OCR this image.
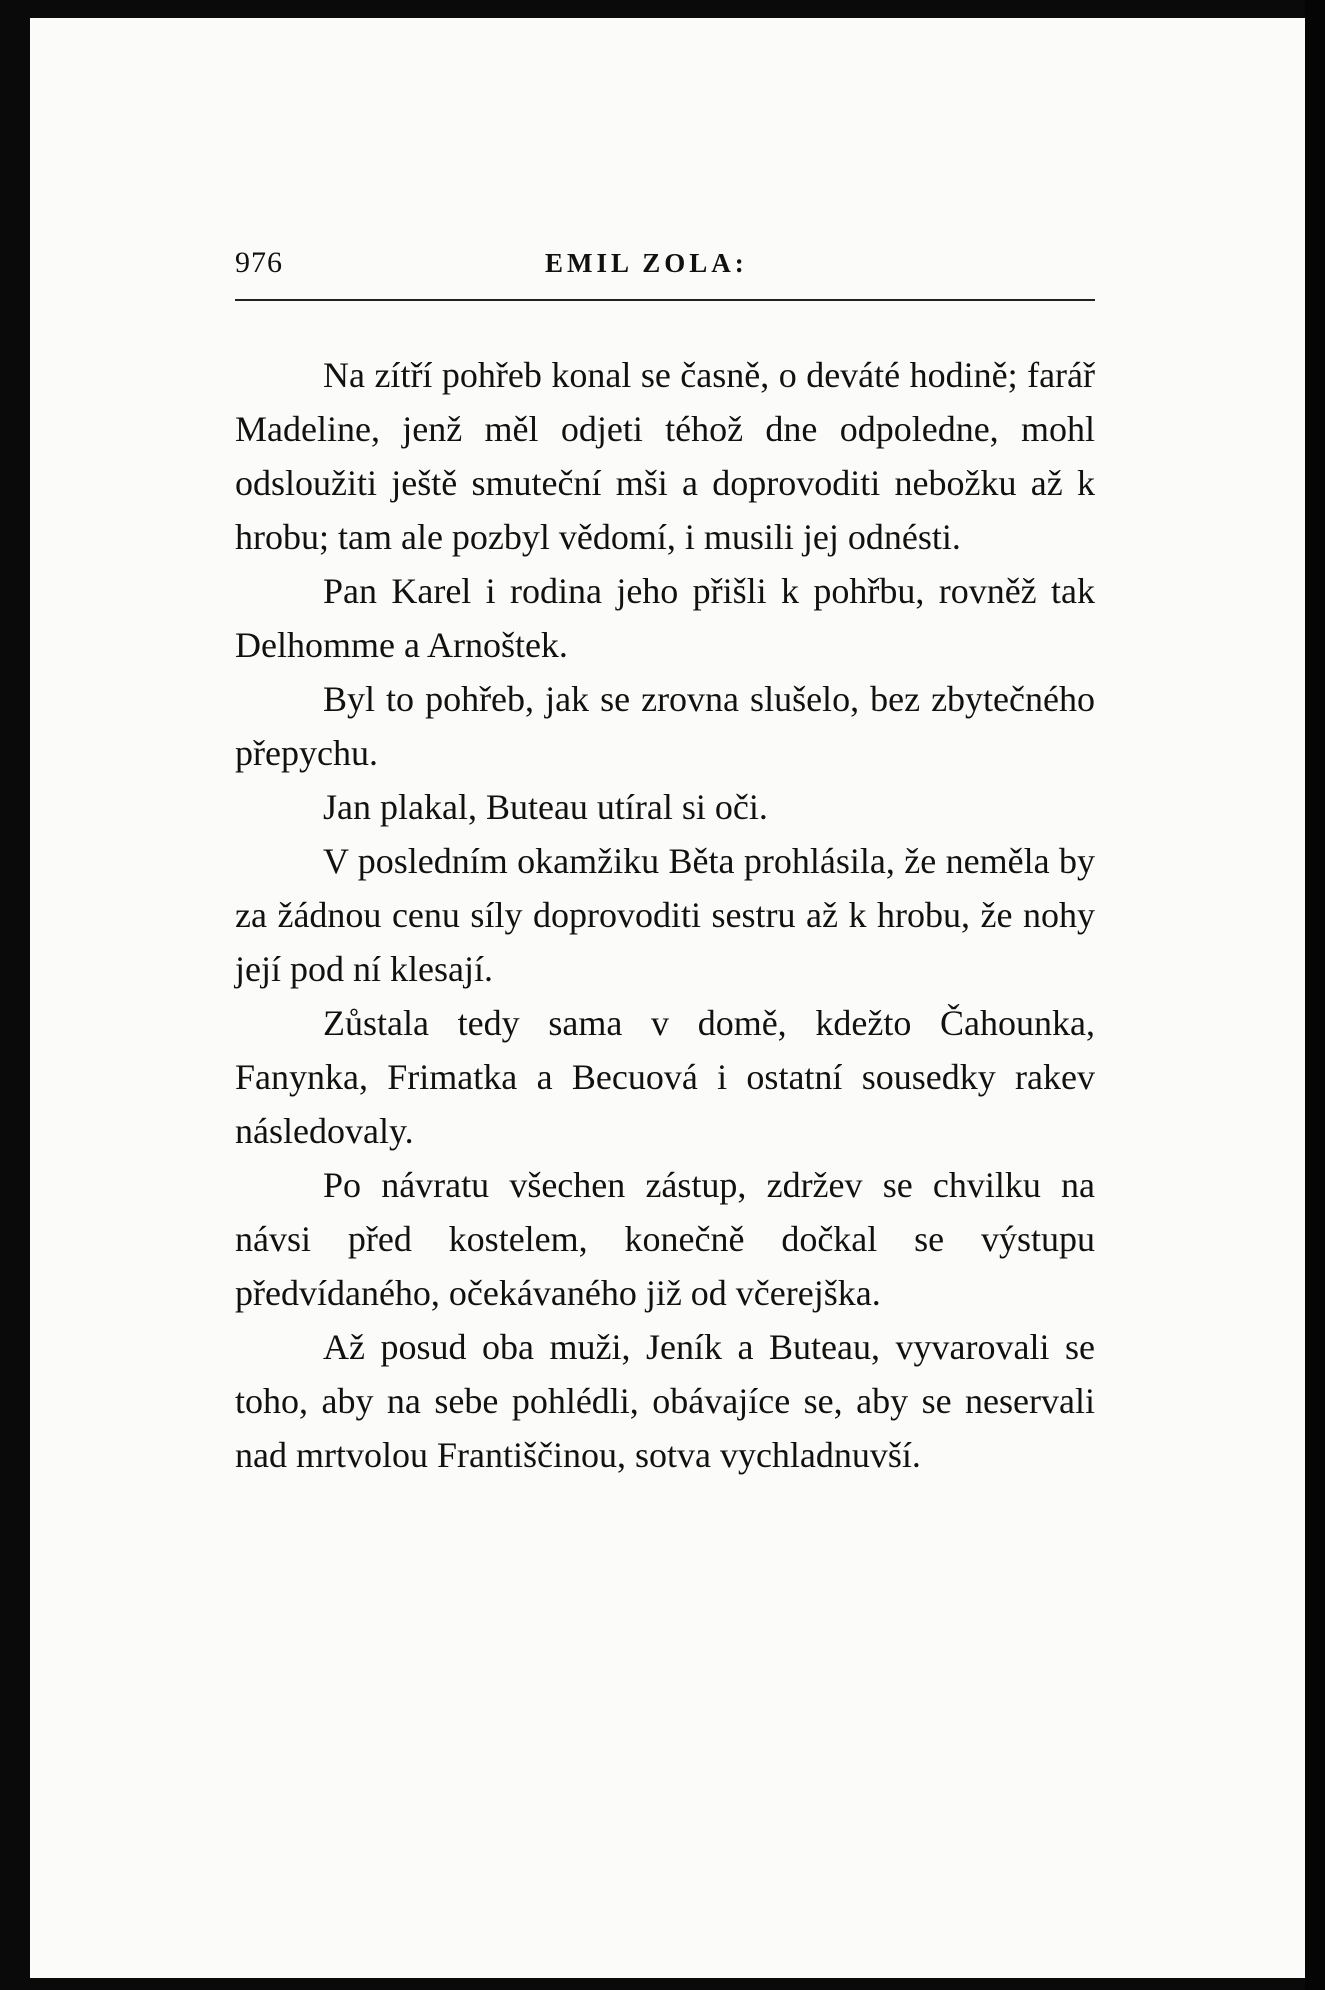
976	EMIL ZOLA:

Na zítří pohřeb konal se časně, o deváté hodině; farář Madeline, jenž měl odjeti téhož dne odpoledne, mohl odsloužiti ještě smuteční mši a doprovoditi nebožku až k hrobu; tam ale pozbyl vědomí, i musili jej odnésti.

Pan Karel i rodina jeho přišli k pohřbu, rovněž tak Delhomme a Arnoštek.

Byl to pohřeb, jak se zrovna slušelo, bez zbytečného přepychu.

Jan plakal, Buteau utíral si oči.

V posledním okamžiku Běta prohlásila, že neměla by za žádnou cenu síly doprovoditi sestru až k hrobu, že nohy její pod ní klesají.

Zůstala tedy sama v domě, kdežto Čahounka, Fanynka, Frimatka a Becuová i ostatní sousedky rakev následovaly.

Po návratu všechen zástup, zdržev se chvilku na návsi před kostelem, konečně dočkal se výstupu předvídaného, očekávaného již od včerejška.

Až posud oba muži, Jeník a Buteau, vyvarovali se toho, aby na sebe pohlédli, obávajíce se, aby se neservali nad mrtvolou Františčinou, sotva vychladnuvší.
